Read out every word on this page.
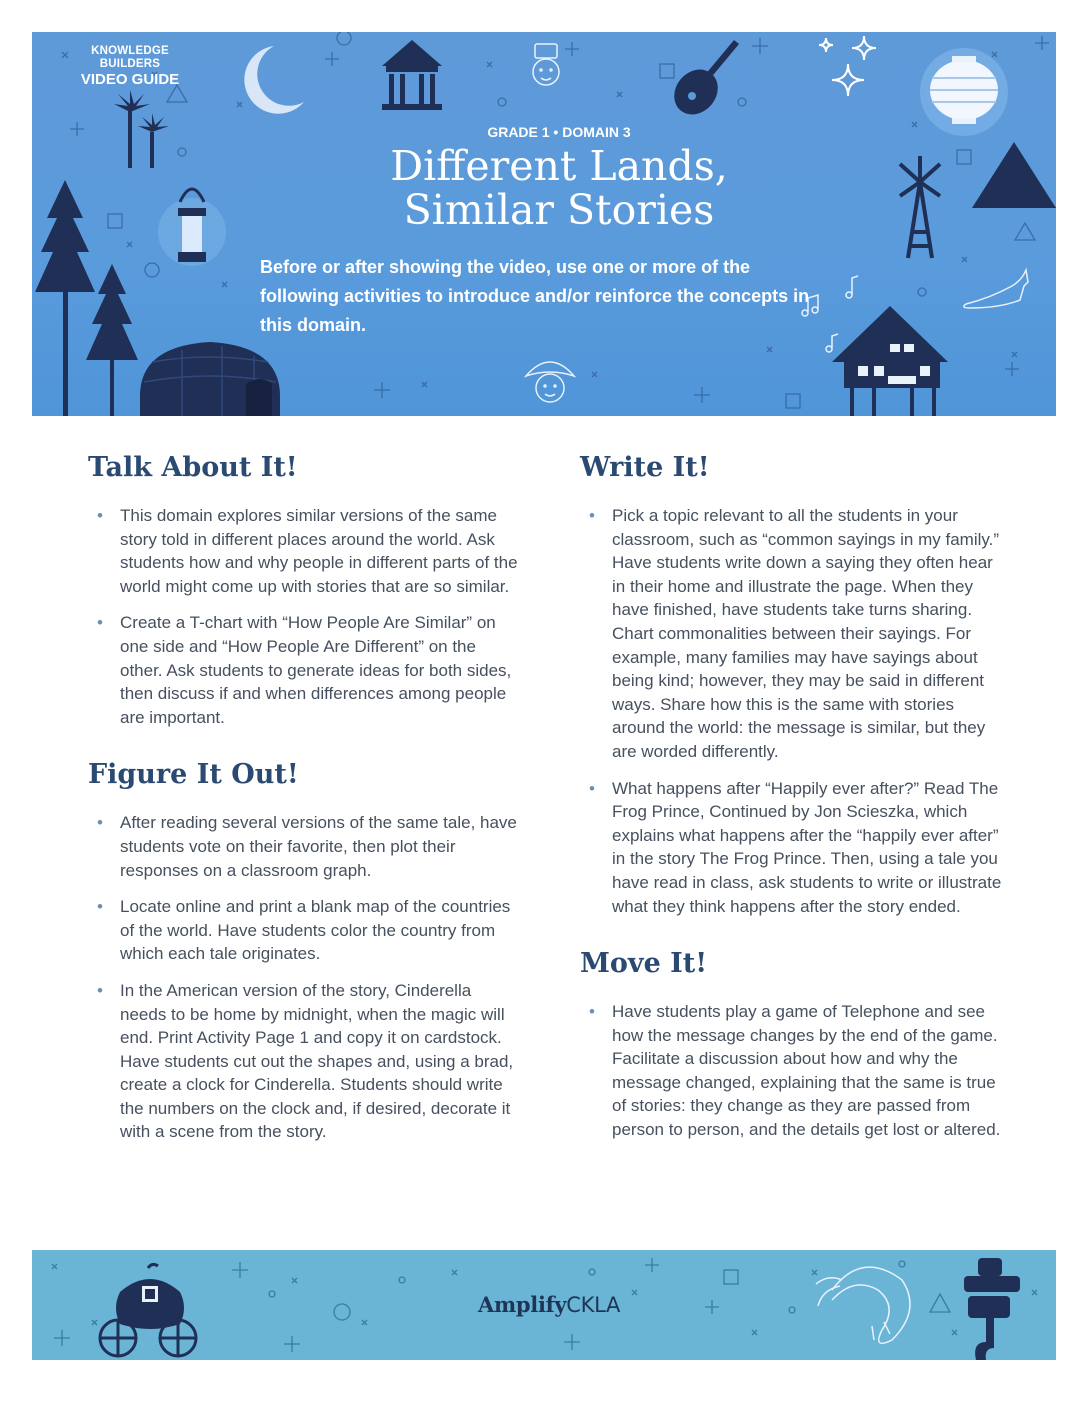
KNOWLEDGE BUILDERS
VIDEO GUIDE
GRADE 1 • DOMAIN 3
Different Lands,
Similar Stories

Before or after showing the video, use one or more of the following activities to introduce and/or reinforce the concepts in this domain.

Talk About It!
• This domain explores similar versions of the same story told in different places around the world. Ask students how and why people in different parts of the world might come up with stories that are so similar.
• Create a T-chart with “How People Are Similar” on one side and “How People Are Different” on the other. Ask students to generate ideas for both sides, then discuss if and when differences among people are important.
Figure It Out!
• After reading several versions of the same tale, have students vote on their favorite, then plot their responses on a classroom graph.
• Locate online and print a blank map of the countries of the world. Have students color the country from which each tale originates.
• In the American version of the story, Cinderella needs to be home by midnight, when the magic will end. Print Activity Page 1 and copy it on cardstock. Have students cut out the shapes and, using a brad, create a clock for Cinderella. Students should write the numbers on the clock and, if desired, decorate it with a scene from the story.
Write It!
• Pick a topic relevant to all the students in your classroom, such as “common sayings in my family.” Have students write down a saying they often hear in their home and illustrate the page. When they have finished, have students take turns sharing. Chart commonalities between their sayings. For example, many families may have sayings about being kind; however, they may be said in different ways. Share how this is the same with stories around the world: the message is similar, but they are worded differently.
• What happens after “Happily ever after?” Read The Frog Prince, Continued by Jon Scieszka, which explains what happens after the “happily ever after” in the story The Frog Prince. Then, using a tale you have read in class, ask students to write or illustrate what they think happens after the story ended.
Move It!
• Have students play a game of Telephone and see how the message changes by the end of the game. Facilitate a discussion about how and why the message changed, explaining that the same is true of stories: they change as they are passed from person to person, and the details get lost or altered.
AmplifyCKLA
